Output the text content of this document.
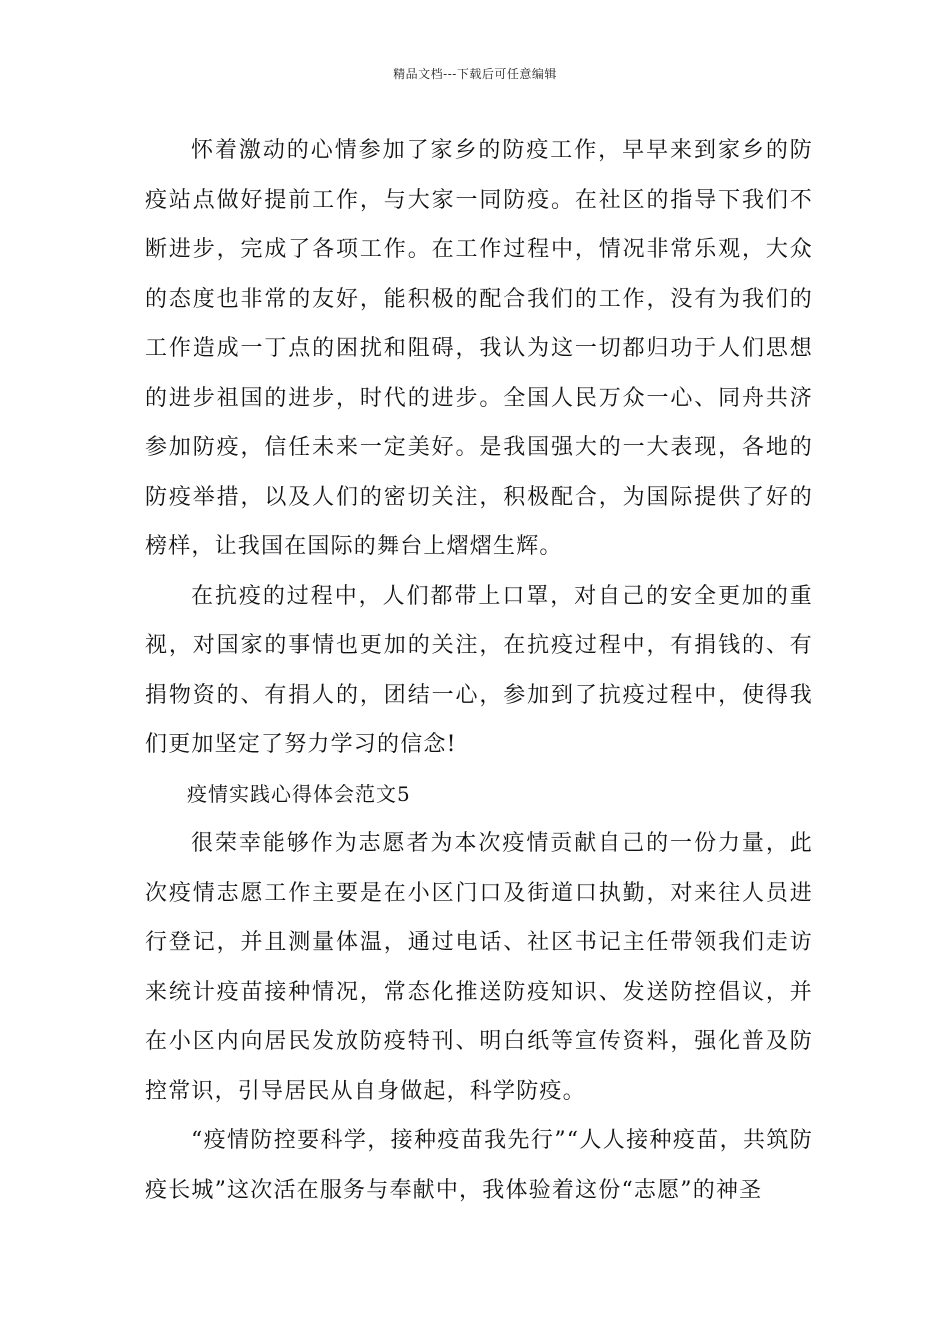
精品文档---下载后可任意编辑

怀着激动的心情参加了家乡的防疫工作，早早来到家乡的防疫站点做好提前工作，与大家一同防疫。在社区的指导下我们不断进步，完成了各项工作。在工作过程中，情况非常乐观，大众的态度也非常的友好，能积极的配合我们的工作，没有为我们的工作造成一丁点的困扰和阻碍，我认为这一切都归功于人们思想的进步祖国的进步，时代的进步。全国人民万众一心、同舟共济参加防疫，信任未来一定美好。是我国强大的一大表现，各地的防疫举措，以及人们的密切关注，积极配合，为国际提供了好的榜样，让我国在国际的舞台上熠熠生辉。

在抗疫的过程中，人们都带上口罩，对自己的安全更加的重视，对国家的事情也更加的关注，在抗疫过程中，有捐钱的、有捐物资的、有捐人的，团结一心，参加到了抗疫过程中，使得我们更加坚定了努力学习的信念!

疫情实践心得体会范文5

很荣幸能够作为志愿者为本次疫情贡献自己的一份力量，此次疫情志愿工作主要是在小区门口及街道口执勤，对来往人员进行登记，并且测量体温，通过电话、社区书记主任带领我们走访来统计疫苗接种情况，常态化推送防疫知识、发送防控倡议，并在小区内向居民发放防疫特刊、明白纸等宣传资料，强化普及防控常识，引导居民从自身做起，科学防疫。

“疫情防控要科学，接种疫苗我先行”“人人接种疫苗，共筑防疫长城”这次活在服务与奉献中，我体验着这份“志愿”的神圣
